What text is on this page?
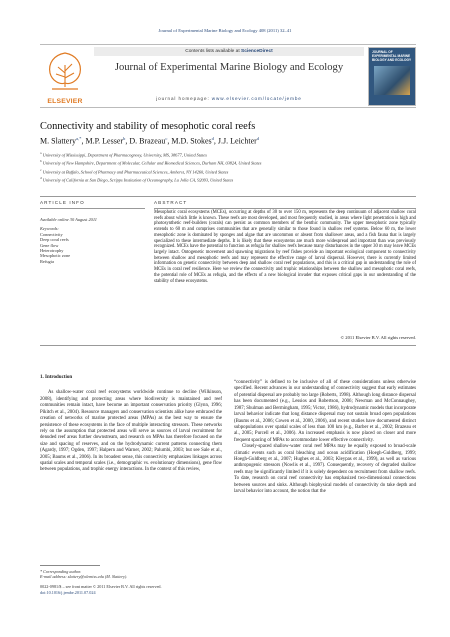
Journal of Experimental Marine Biology and Ecology 408 (2011) 32–41
ELSEVIER
Contents lists available at ScienceDirect
Journal of Experimental Marine Biology and Ecology
journal homepage: www.elsevier.com/locate/jembe
JOURNAL OF EXPERIMENTAL MARINE BIOLOGY AND ECOLOGY
Connectivity and stability of mesophotic coral reefs
M. Slattery$^{a,*}$, M.P. Lesser$^b$, D. Brazeau$^c$, M.D. Stokes$^d$, J.J. Leichter$^d$
$^a$ University of Mississippi, Department of Pharmacognosy, University, MS, 38677, United States
$^b$ University of New Hampshire, Department of Molecular, Cellular and Biomedical Sciences, Durham NH, 03824, United States
$^c$ University at Buffalo, School of Pharmacy and Pharmaceutical Sciences, Amherst, NY 14260, United States
$^d$ University of California at San Diego, Scripps Institution of Oceanography, La Jolla CA, 92093, United States
ARTICLE INFO	ABSTRACT
Available online 30 August 2011
Keywords:
Connectivity
Deep coral reefs
Gene flow
Heterotrophy
Mesophotic zone
Refugia
Mesophotic coral ecosystems (MCEs), occurring at depths of 30 to over 150 m, represents the deep continuum of adjacent shallow coral reefs about which little is known. These reefs are most developed, and most frequently studied, in areas where light penetration is high and photosynthetic reef-builders (corals) can persist as common members of the benthic community. The upper mesophotic zone typically extends to 60 m and comprises communities that are generally similar to those found in shallow reef systems. Below 60 m, the lower mesophotic zone is dominated by sponges and algae that are uncommon or absent from shallower areas, and a fish fauna that is largely specialized to these intermediate depths. It is likely that these ecosystems are much more widespread and important than was previously recognized. MCEs have the potential to function as refugia for shallow reefs because many disturbances in the upper 30 m may leave MCEs largely intact. Ontogenetic movement and spawning migrations by reef fishes provide an important ecological component to connectivity between shallow and mesophotic reefs and may represent the effective range of larval dispersal. However, there is currently limited information on genetic connectivity between deep and shallow coral reef populations, and this is a critical gap in understanding the role of MCEs in coral reef resilience. Here we review the connectivity and trophic relationships between the shallow and mesophotic coral reefs, the potential role of MCEs as refugia, and the effects of a new biological invader that exposes critical gaps in our understanding of the stability of these ecosystems.
© 2011 Elsevier B.V. All rights reserved.
1. Introduction

As shallow-water coral reef ecosystems worldwide continue to decline (Wilkinson, 2008), identifying and protecting areas where biodiversity is maintained and reef communities remain intact, have become an important conservation priority (Glynn, 1996; Pikitch et al., 2004). Resource managers and conservation scientists alike have embraced the creation of networks of marine protected areas (MPAs) as the best way to ensure the persistence of these ecosystems in the face of multiple interacting stressors. These networks rely on the assumption that protected areas will serve as sources of larval recruitment for denuded reef areas further downstream, and research on MPAs has therefore focused on the size and spacing of reserves, and on the hydrodynamic current patterns connecting them (Agardy, 1997; Ogden, 1997; Halpern and Warner, 2002; Palumbi, 2003; but see Sale et al., 2005; Baums et al., 2006). In its broadest sense, this connectivity emphasizes linkages across spatial scales and temporal scales (i.e., demographic vs. evolutionary dimensions), gene flow between populations, and trophic energy interactions. In the context of this review,

“connectivity” is defined to be inclusive of all of these considerations unless otherwise specified. Recent advances in our understanding of connectivity suggest that early estimates of potential dispersal are probably too large (Roberts, 1998). Although long distance dispersal has been documented (e.g., Lessios and Robertson, 2006; Newman and McConnaughey, 1987; Shulman and Bermingham, 1995; Victor, 1986), hydrodynamic models that incorporate larval behavior indicate that long distance dispersal may not sustain broad open populations (Baums et al., 2006; Cowen et al., 2000, 2006), and recent studies have documented distinct subpopulations over spatial scales of less than 100 km (e.g., Barber et al., 2002; Brazeau et al., 2005; Purcell et al., 2006). An increased emphasis is now placed on closer and more frequent spacing of MPAs to accommodate lower effective connectivity.

Closely-spaced shallow-water coral reef MPAs may be equally exposed to broad-scale climatic events such as coral bleaching and ocean acidification (Hoegh-Guldberg, 1999; Hoegh-Guldberg et al., 2007; Hughes et al., 2003; Kleypas et al., 1999), as well as various anthropogenic stressors (Nowlis et al., 1997). Consequently, recovery of degraded shallow reefs may be significantly limited if it is solely dependent on recruitment from shallow reefs. To date, research on coral reef connectivity has emphasized two-dimensional connections between sources and sinks. Although biophysical models of connectivity do take depth and larval behavior into account, the notion that the

* Corresponding author.
E-mail address: slattery@olemiss.edu (M. Slattery).
0022-0981/$ – see front matter © 2011 Elsevier B.V. All rights reserved.
doi:10.1016/j.jembe.2011.07.024
